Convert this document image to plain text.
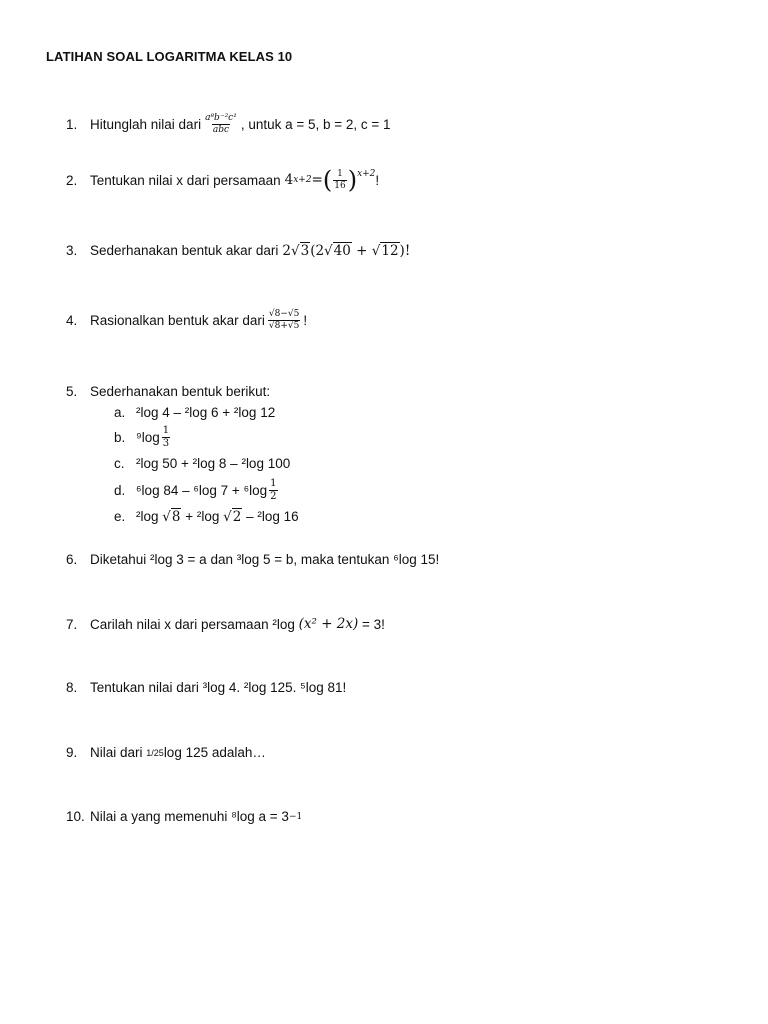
LATIHAN SOAL LOGARITMA KELAS 10
1. Hitunglah nilai dari $\frac{\text{a⁸b⁻²c¹}}{\text{abc}}$ , untuk a = 5, b = 2, c = 1
2. Tentukan nilai x dari persamaan 4 x+2 = ( $\frac{1}{16} )^{x+2}$ !
3. Sederhanakan bentuk akar dari 2 √ 3 (2 √ 40 + √ 12 )!
4. Rasionalkan bentuk akar dari $\frac{√8-√5}{√8+√5}$ !
5. Sederhanakan bentuk berikut:
a. ²log 4 – ²log 6 + ²log 12
b. $^9\log \frac{1}{3}$
c. ²log 50 + ²log 8 – ²log 100
d. ⁶log 84 – ⁶log $7 + ^6\log \frac{1}{2}$
e. ²log √ 8 + ²log √ 2 – ²log 16
6. Diketahui ²log 3 = a dan ³log 5 = b, maka tentukan ⁶log 15!
7. Carilah nilai x dari persamaan ²log (x² + 2x) = 3!
8. Tentukan nilai dari ³log 4. ²log 125. ⁵log 81!
9. Nilai dari 1/25 log 125 adalah…
10. Nilai a yang memenuhi ⁸log a = 3 −1
